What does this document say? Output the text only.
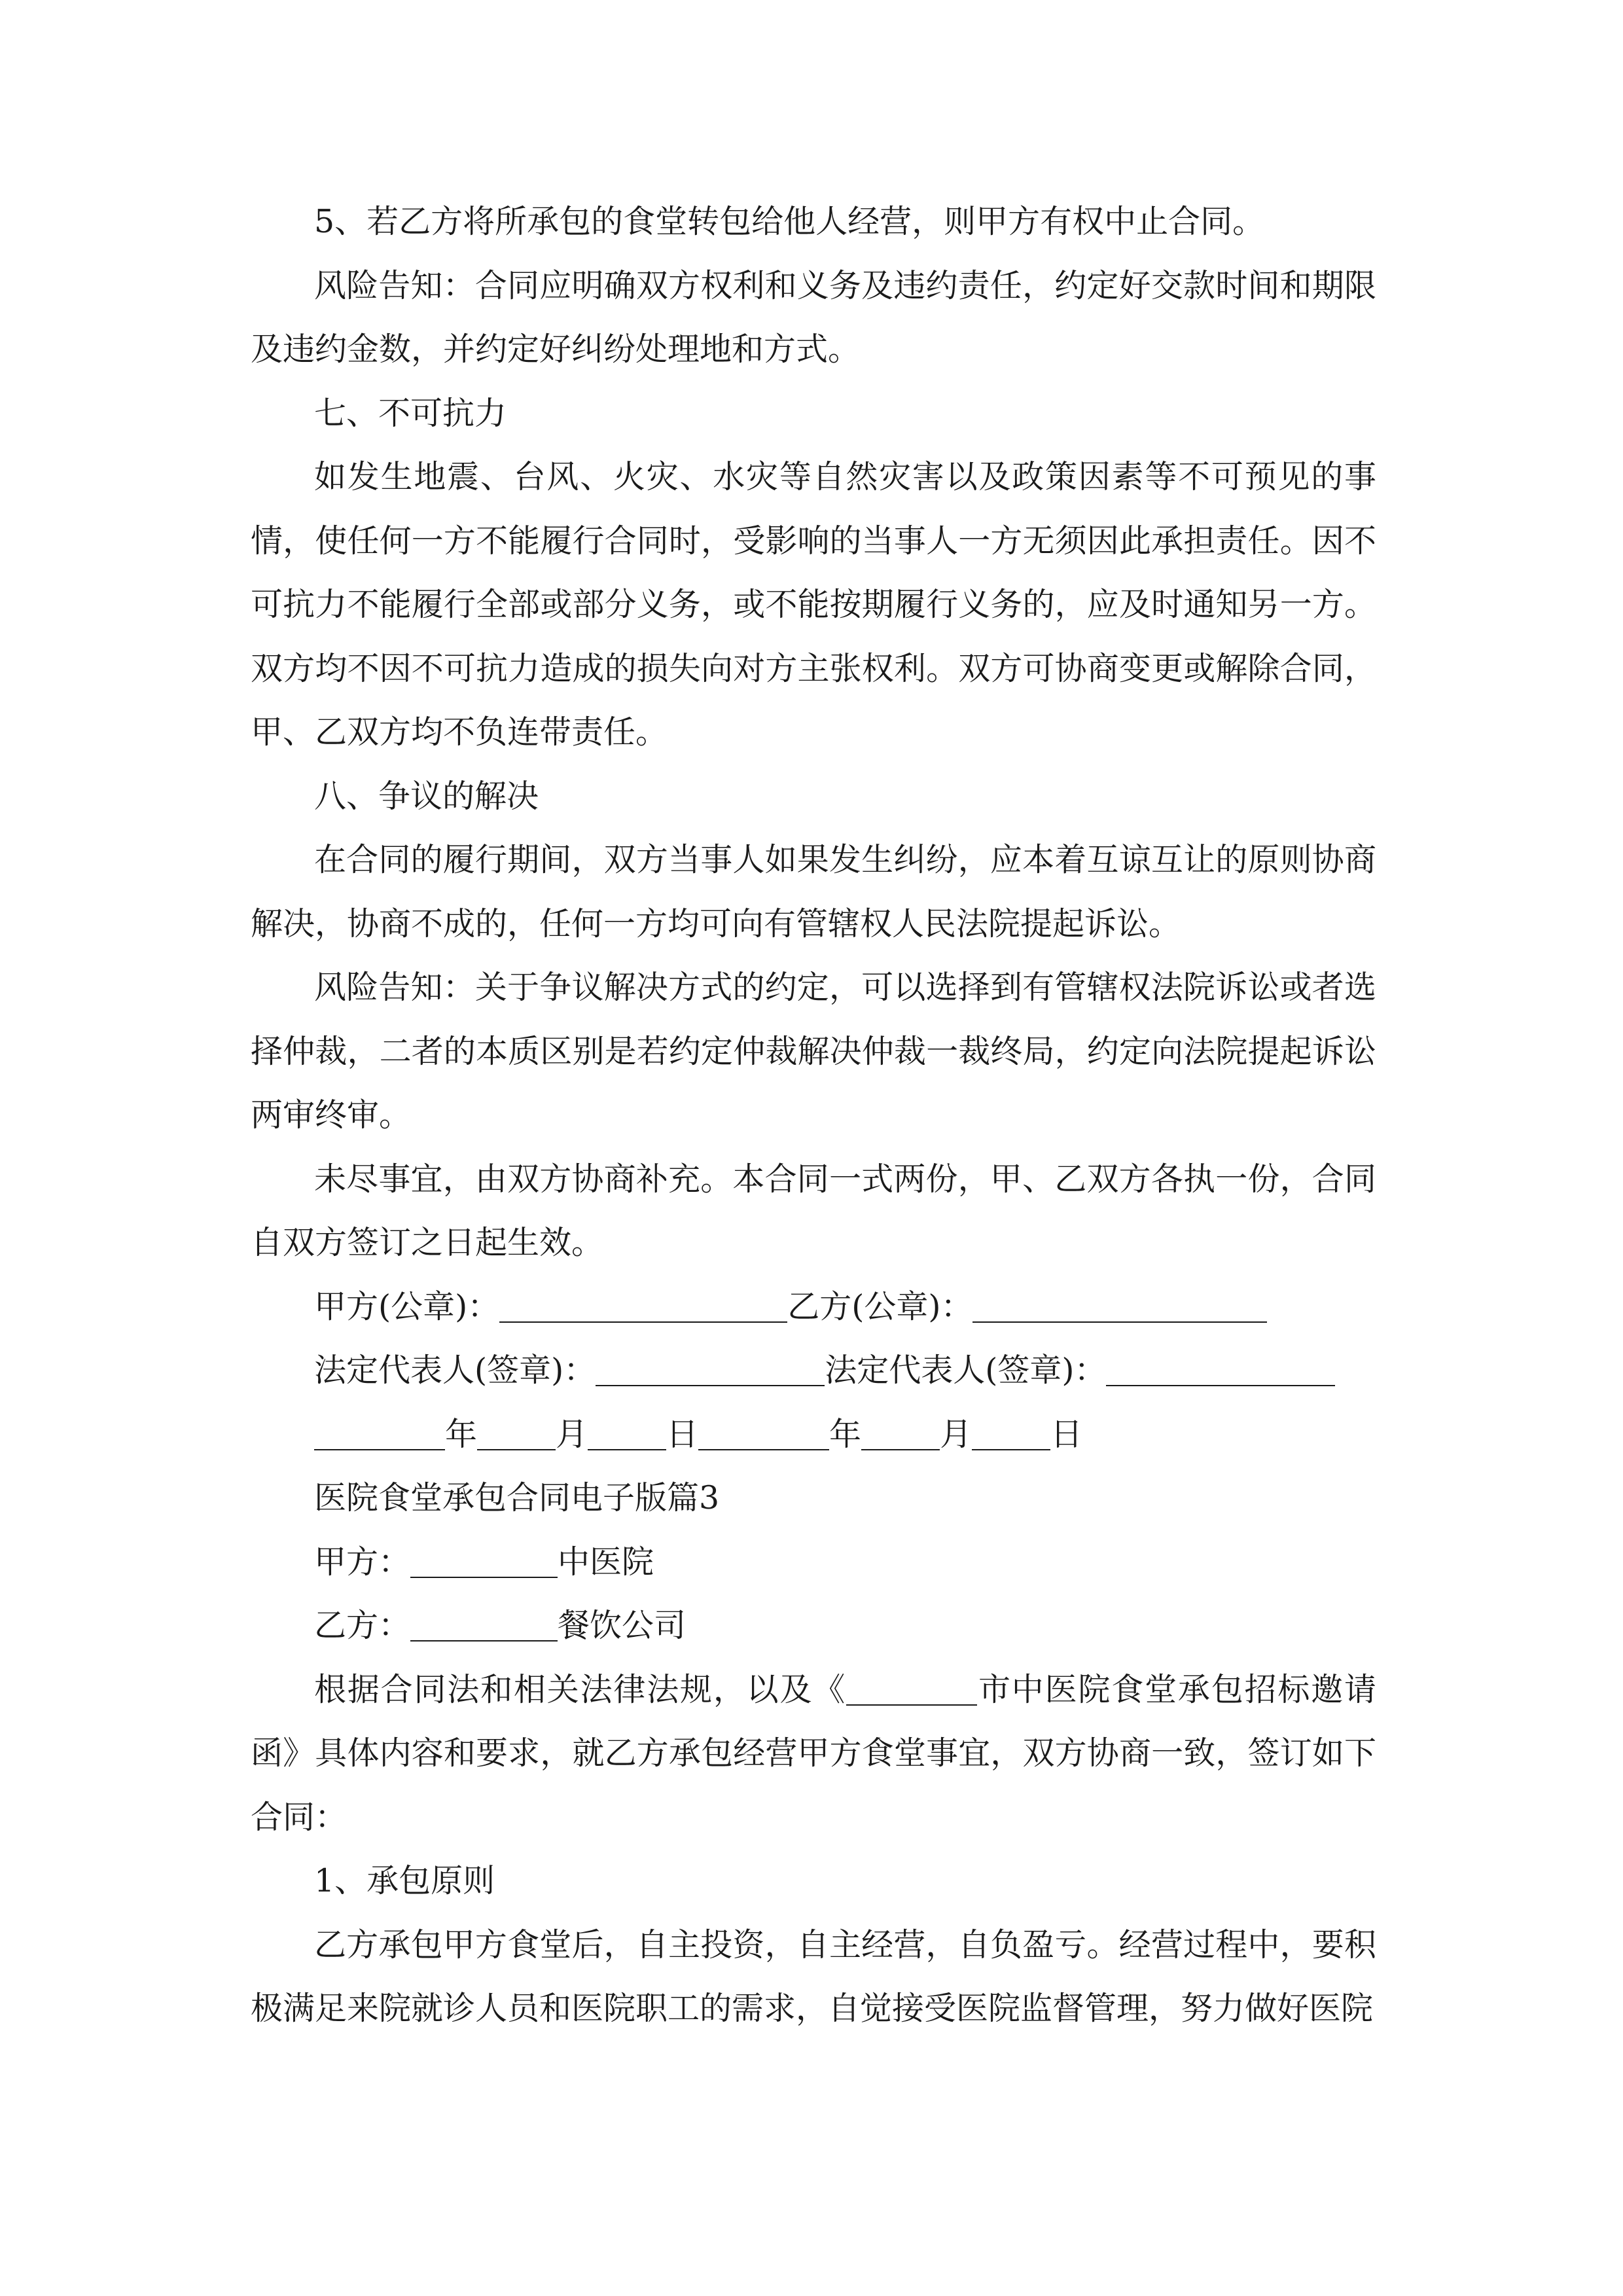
5、若乙方将所承包的食堂转包给他人经营，则甲方有权中止合同。

风险告知：合同应明确双方权利和义务及违约责任，约定好交款时间和期限及违约金数，并约定好纠纷处理地和方式。

七、不可抗力

如发生地震、台风、火灾、水灾等自然灾害以及政策因素等不可预见的事情，使任何一方不能履行合同时，受影响的当事人一方无须因此承担责任。因不可抗力不能履行全部或部分义务，或不能按期履行义务的，应及时通知另一方。双方均不因不可抗力造成的损失向对方主张权利。双方可协商变更或解除合同，甲、乙双方均不负连带责任。

八、争议的解决

在合同的履行期间，双方当事人如果发生纠纷，应本着互谅互让的原则协商解决，协商不成的，任何一方均可向有管辖权人民法院提起诉讼。

风险告知：关于争议解决方式的约定，可以选择到有管辖权法院诉讼或者选择仲裁，二者的本质区别是若约定仲裁解决仲裁一裁终局，约定向法院提起诉讼两审终审。

未尽事宜，由双方协商补充。本合同一式两份，甲、乙双方各执一份，合同自双方签订之日起生效。

甲方(公章)：	乙方(公章)：

法定代表人(签章)：	法定代表人(签章)：

年 月 日	年 月 日

医院食堂承包合同电子版篇3

甲方：	中医院

乙方：	餐饮公司

根据合同法和相关法律法规，以及《	市中医院食堂承包招标邀请函》具体内容和要求，就乙方承包经营甲方食堂事宜，双方协商一致，签订如下合同：

1、承包原则

乙方承包甲方食堂后，自主投资，自主经营，自负盈亏。经营过程中，要积极满足来院就诊人员和医院职工的需求，自觉接受医院监督管理，努力做好医院
